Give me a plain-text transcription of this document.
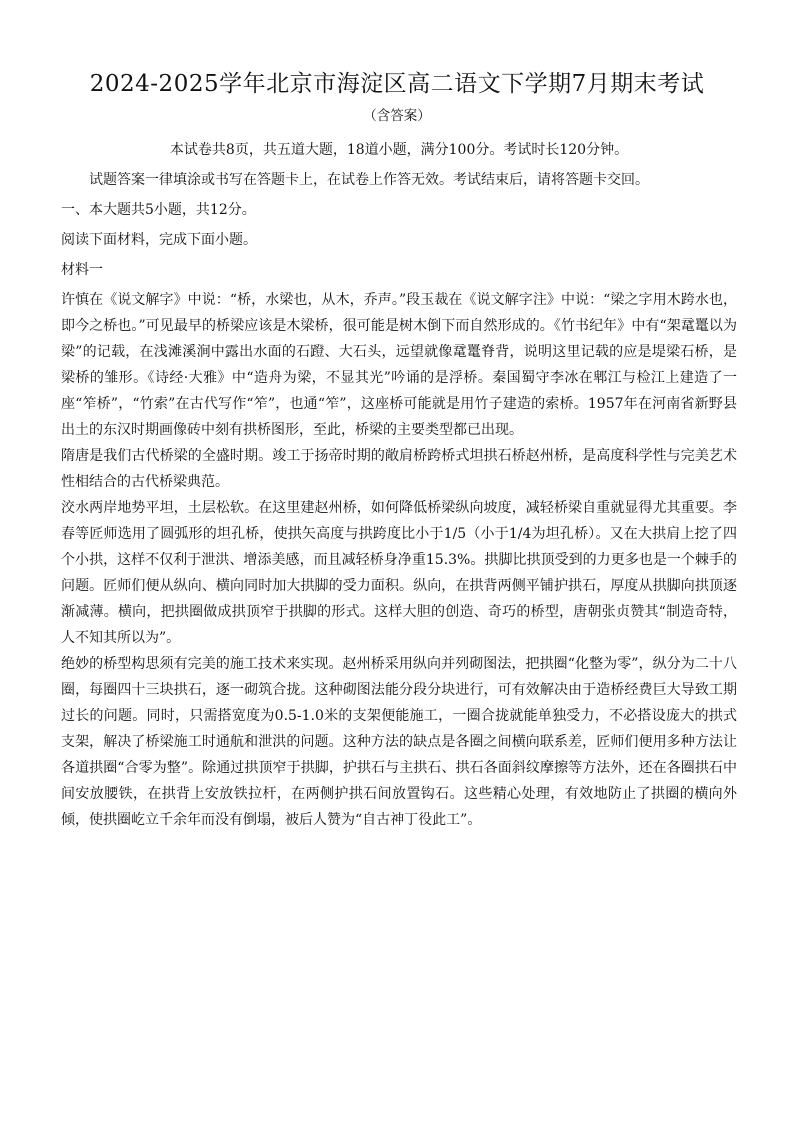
2024-2025学年北京市海淀区高二语文下学期7月期末考试
（含答案）

本试卷共8页，共五道大题，18道小题，满分100分。考试时长120分钟。

试题答案一律填涂或书写在答题卡上，在试卷上作答无效。考试结束后，请将答题卡交回。

一、本大题共5小题，共12分。

阅读下面材料，完成下面小题。

材料一

许慎在《说文解字》中说：“桥，水梁也，从木，乔声。”段玉裁在《说文解字注》中说：“梁之字用木跨水也，即今之桥也。”可见最早的桥梁应该是木梁桥，很可能是树木倒下而自然形成的。《竹书纪年》中有“架鼋鼍以为梁”的记载，在浅滩溪涧中露出水面的石蹬、大石头，远望就像鼋鼍脊背，说明这里记载的应是堤梁石桥，是梁桥的雏形。《诗经·大雅》中“造舟为梁，不显其光”吟诵的是浮桥。秦国蜀守李冰在郫江与检江上建造了一座“笮桥”，“竹索”在古代写作“笮”，也通“笮”，这座桥可能就是用竹子建造的索桥。1957年在河南省新野县出土的东汉时期画像砖中刻有拱桥图形，至此，桥梁的主要类型都已出现。

隋唐是我们古代桥梁的全盛时期。竣工于扬帝时期的敞肩桥跨桥式坦拱石桥赵州桥，是高度科学性与完美艺术性相结合的古代桥梁典范。

洨水两岸地势平坦，土层松软。在这里建赵州桥，如何降低桥梁纵向坡度，减轻桥梁自重就显得尤其重要。李春等匠师选用了圆弧形的坦孔桥，使拱矢高度与拱跨度比小于1/5（小于1/4为坦孔桥）。又在大拱肩上挖了四个小拱，这样不仅利于泄洪、增添美感，而且减轻桥身净重15.3%。拱脚比拱顶受到的力更多也是一个棘手的问题。匠师们便从纵向、横向同时加大拱脚的受力面积。纵向，在拱背两侧平铺护拱石，厚度从拱脚向拱顶逐渐减薄。横向，把拱圈做成拱顶窄于拱脚的形式。这样大胆的创造、奇巧的桥型，唐朝张贞赞其“制造奇特，人不知其所以为”。

绝妙的桥型构思须有完美的施工技术来实现。赵州桥采用纵向并列砌图法，把拱圈“化整为零”，纵分为二十八圈，每圈四十三块拱石，逐一砌筑合拢。这种砌图法能分段分块进行，可有效解决由于造桥经费巨大导致工期过长的问题。同时，只需搭宽度为0.5-1.0米的支架便能施工，一圈合拢就能单独受力，不必搭设庞大的拱式支架，解决了桥梁施工时通航和泄洪的问题。这种方法的缺点是各圈之间横向联系差，匠师们便用多种方法让各道拱圈“合零为整”。除通过拱顶窄于拱脚，护拱石与主拱石、拱石各面斜纹摩擦等方法外，还在各圈拱石中间安放腰铁，在拱背上安放铁拉杆，在两侧护拱石间放置钩石。这些精心处理，有效地防止了拱圈的横向外倾，使拱圈屹立千余年而没有倒塌，被后人赞为“自古神丁役此工”。
